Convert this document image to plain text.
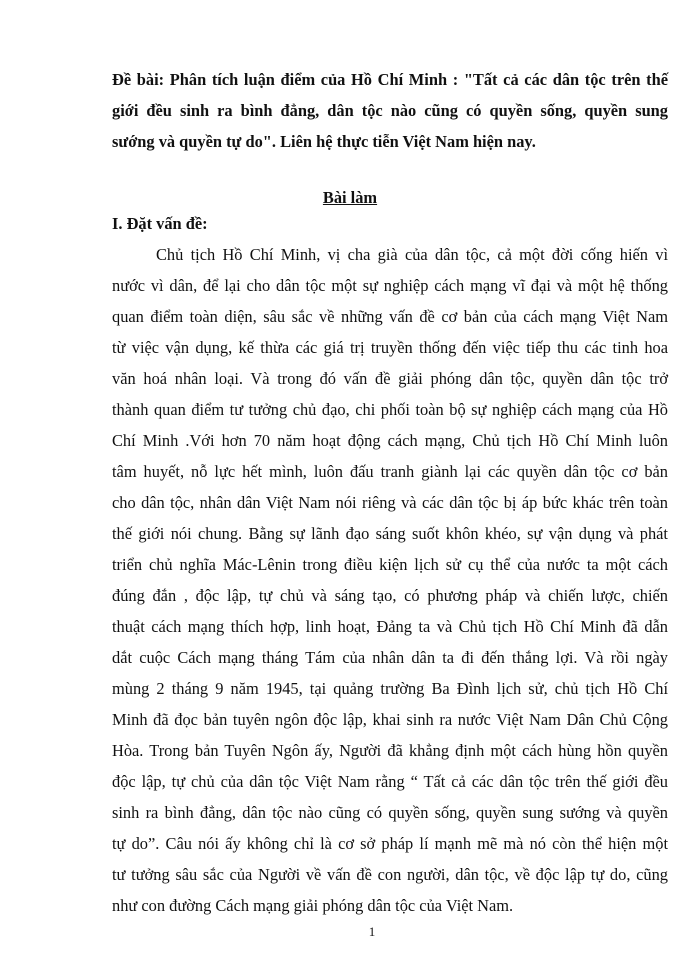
Đề bài: Phân tích luận điểm của Hồ Chí Minh : "Tất cả các dân tộc trên thế
giới đều sinh ra bình đẳng, dân tộc nào cũng có quyền sống, quyền sung
sướng và quyền tự do". Liên hệ thực tiễn Việt Nam hiện nay.
Bài làm
I. Đặt vấn đề:
Chủ tịch Hồ Chí Minh, vị cha già của dân tộc, cả một đời cống hiến vì
nước vì dân, để lại cho dân tộc một sự nghiệp cách mạng vĩ đại và một hệ thống
quan điểm toàn diện, sâu sắc về những vấn đề cơ bản của cách mạng Việt Nam
từ việc vận dụng, kế thừa các giá trị truyền thống đến việc tiếp thu các tinh hoa
văn hoá nhân loại. Và trong đó vấn đề giải phóng dân tộc, quyền dân tộc trở
thành quan điểm tư tưởng chủ đạo, chi phối toàn bộ sự nghiệp cách mạng của Hồ
Chí Minh .Với hơn 70 năm hoạt động cách mạng, Chủ tịch Hồ Chí Minh luôn
tâm huyết, nỗ lực hết mình, luôn đấu tranh giành lại các quyền dân tộc cơ bản
cho dân tộc, nhân dân Việt Nam nói riêng và các dân tộc bị áp bức khác trên toàn
thế giới nói chung. Bằng sự lãnh đạo sáng suốt khôn khéo, sự vận dụng và phát
triển chủ nghĩa Mác-Lênin trong điều kiện lịch sử cụ thể của nước ta một cách
đúng đắn , độc lập, tự chủ và sáng tạo, có phương pháp và chiến lược, chiến
thuật cách mạng thích hợp, linh hoạt, Đảng ta và Chủ tịch Hồ Chí Minh đã dẫn
dắt cuộc Cách mạng tháng Tám của nhân dân ta đi đến thắng lợi. Và rồi ngày
mùng 2 tháng 9 năm 1945, tại quảng trường Ba Đình lịch sử, chủ tịch Hồ Chí
Minh đã đọc bản tuyên ngôn độc lập, khai sinh ra nước Việt Nam Dân Chủ Cộng
Hòa. Trong bản Tuyên Ngôn ấy, Người đã khẳng định một cách hùng hồn quyền
độc lập, tự chủ của dân tộc Việt Nam rằng “ Tất cả các dân tộc trên thế giới đều
sinh ra bình đẳng, dân tộc nào cũng có quyền sống, quyền sung sướng và quyền
tự do”. Câu nói ấy không chỉ là cơ sở pháp lí mạnh mẽ mà nó còn thể hiện một
tư tưởng sâu sắc của Người về vấn đề con người, dân tộc, về độc lập tự do, cũng
như con đường Cách mạng giải phóng dân tộc của Việt Nam.
1
